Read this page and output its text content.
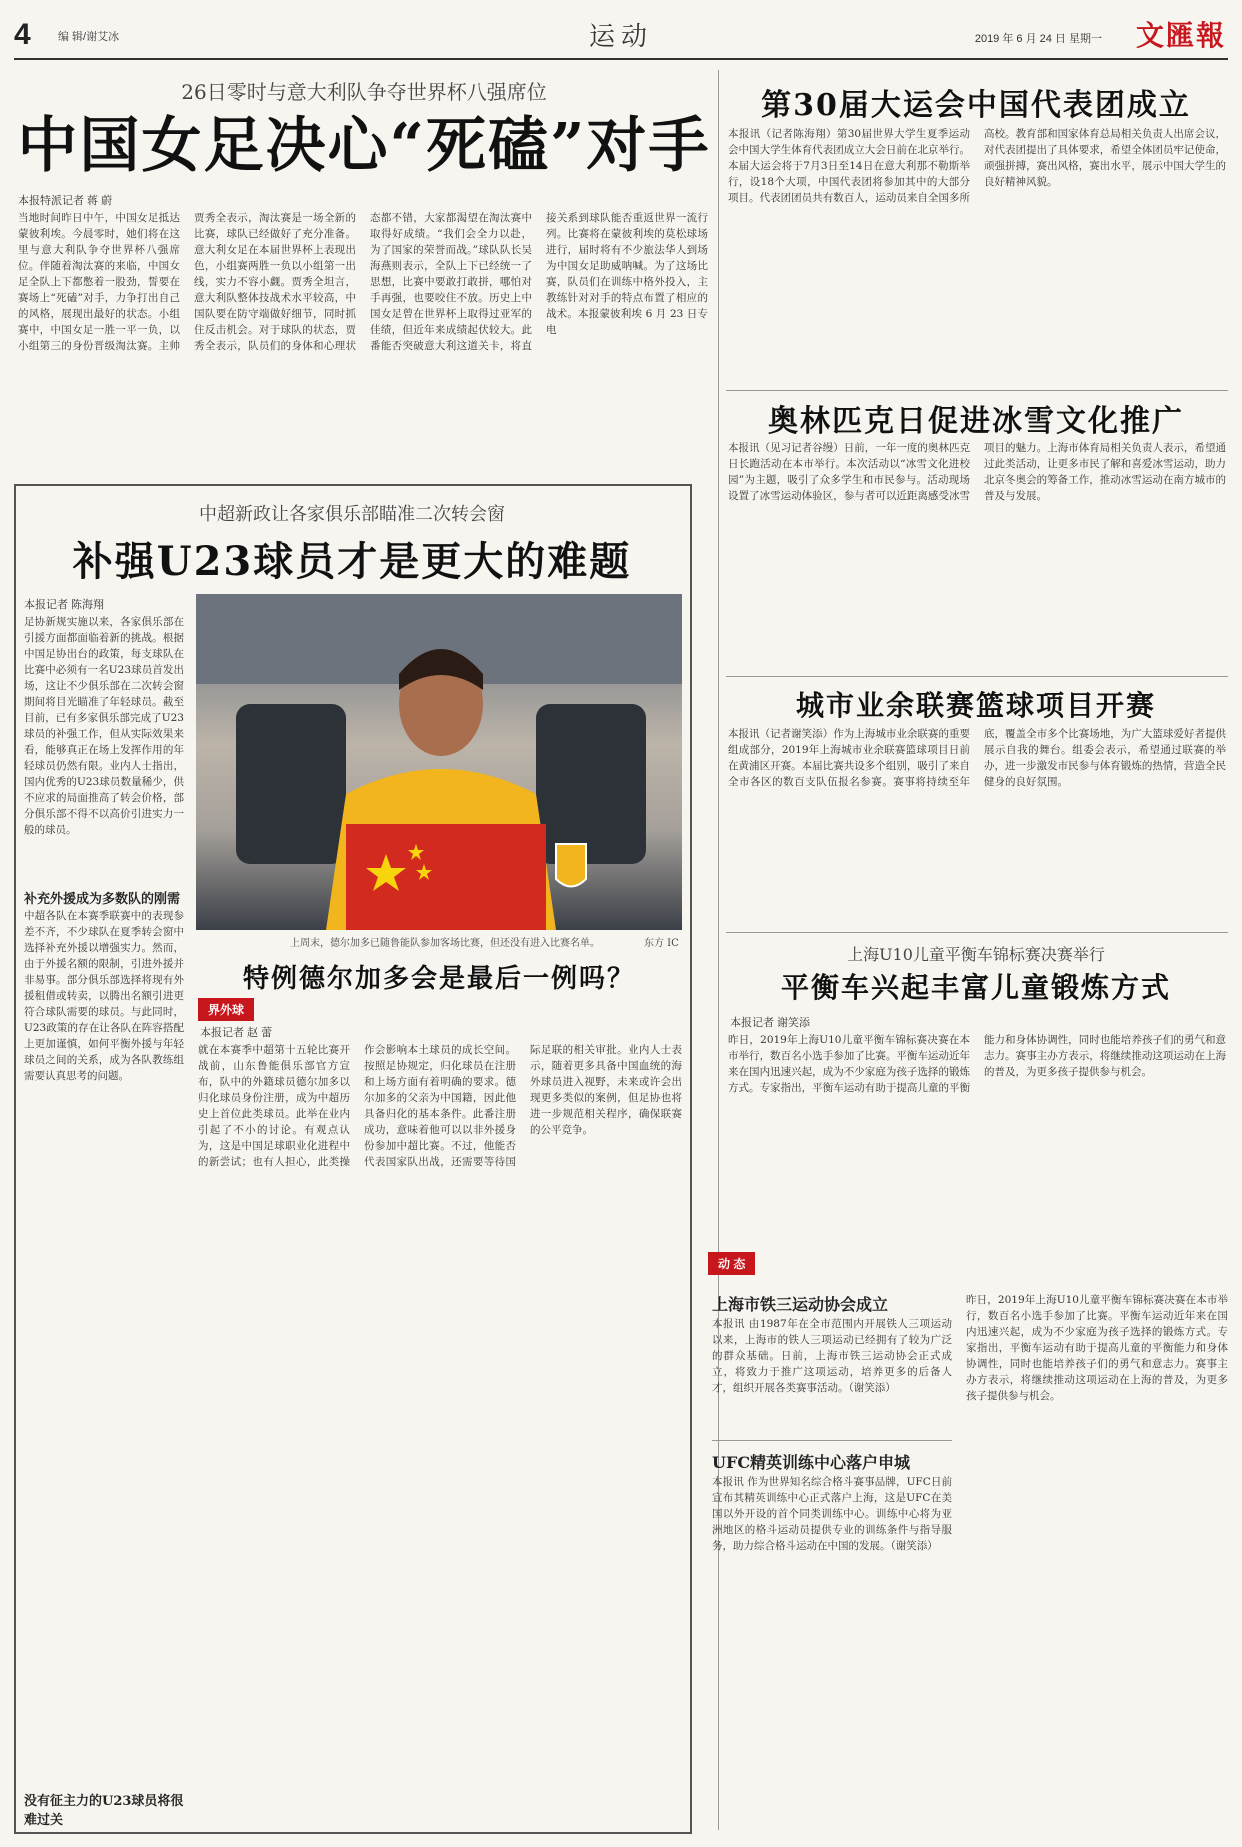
4 编 辑/谢艾冰	运动	2019 年 6 月 24 日 星期一 文匯報
26日零时与意大利队争夺世界杯八强席位
中国女足决心“死磕”对手
本报特派记者 蒋 蔚
当地时间昨日中午，中国女足抵达蒙彼利埃。今晨零时，她们将在这里与意大利队争夺世界杯八强席位。伴随着淘汰赛的来临，中国女足全队上下都憋着一股劲，誓要在赛场上“死磕”对手，力争打出自己的风格，展现出最好的状态。小组赛中，中国女足一胜一平一负，以小组第三的身份晋级淘汰赛。主帅贾秀全表示，淘汰赛是一场全新的比赛，球队已经做好了充分准备。意大利女足在本届世界杯上表现出色，小组赛两胜一负以小组第一出线，实力不容小觑。贾秀全坦言，意大利队整体技战术水平较高，中国队要在防守端做好细节，同时抓住反击机会。对于球队的状态，贾秀全表示，队员们的身体和心理状态都不错，大家都渴望在淘汰赛中取得好成绩。“我们会全力以赴，为了国家的荣誉而战。”球队队长吴海燕则表示，全队上下已经统一了思想，比赛中要敢打敢拼，哪怕对手再强，也要咬住不放。历史上中国女足曾在世界杯上取得过亚军的佳绩，但近年来成绩起伏较大。此番能否突破意大利这道关卡，将直接关系到球队能否重返世界一流行列。比赛将在蒙彼利埃的莫松球场进行，届时将有不少旅法华人到场为中国女足助威呐喊。为了这场比赛，队员们在训练中格外投入，主教练针对对手的特点布置了相应的战术。本报蒙彼利埃 6 月 23 日专电
第30届大运会中国代表团成立
本报讯（记者陈海翔）第30届世界大学生夏季运动会中国大学生体育代表团成立大会日前在北京举行。本届大运会将于7月3日至14日在意大利那不勒斯举行，设18个大项，中国代表团将参加其中的大部分项目。代表团团员共有数百人，运动员来自全国多所高校。教育部和国家体育总局相关负责人出席会议，对代表团提出了具体要求，希望全体团员牢记使命，顽强拼搏，赛出风格，赛出水平，展示中国大学生的良好精神风貌。
奥林匹克日促进冰雪文化推广
本报讯（见习记者谷缦）日前，一年一度的奥林匹克日长跑活动在本市举行。本次活动以“冰雪文化进校园”为主题，吸引了众多学生和市民参与。活动现场设置了冰雪运动体验区，参与者可以近距离感受冰雪项目的魅力。上海市体育局相关负责人表示，希望通过此类活动，让更多市民了解和喜爱冰雪运动，助力北京冬奥会的筹备工作，推动冰雪运动在南方城市的普及与发展。
城市业余联赛篮球项目开赛
本报讯（记者谢笑添）作为上海城市业余联赛的重要组成部分，2019年上海城市业余联赛篮球项目日前在黄浦区开赛。本届比赛共设多个组别，吸引了来自全市各区的数百支队伍报名参赛。赛事将持续至年底，覆盖全市多个比赛场地，为广大篮球爱好者提供展示自我的舞台。组委会表示，希望通过联赛的举办，进一步激发市民参与体育锻炼的热情，营造全民健身的良好氛围。
上海U10儿童平衡车锦标赛决赛举行
平衡车兴起丰富儿童锻炼方式
本报记者 谢笑添
昨日，2019年上海U10儿童平衡车锦标赛决赛在本市举行，数百名小选手参加了比赛。平衡车运动近年来在国内迅速兴起，成为不少家庭为孩子选择的锻炼方式。专家指出，平衡车运动有助于提高儿童的平衡能力和身体协调性，同时也能培养孩子们的勇气和意志力。赛事主办方表示，将继续推动这项运动在上海的普及，为更多孩子提供参与机会。
动 态
上海市铁三运动协会成立
本报讯 由1987年在全市范围内开展铁人三项运动以来，上海市的铁人三项运动已经拥有了较为广泛的群众基础。日前，上海市铁三运动协会正式成立，将致力于推广这项运动，培养更多的后备人才，组织开展各类赛事活动。（谢笑添）
UFC精英训练中心落户申城
本报讯 作为世界知名综合格斗赛事品牌，UFC日前宣布其精英训练中心正式落户上海，这是UFC在美国以外开设的首个同类训练中心。训练中心将为亚洲地区的格斗运动员提供专业的训练条件与指导服务，助力综合格斗运动在中国的发展。（谢笑添）
昨日，2019年上海U10儿童平衡车锦标赛决赛在本市举行，数百名小选手参加了比赛。平衡车运动近年来在国内迅速兴起，成为不少家庭为孩子选择的锻炼方式。专家指出，平衡车运动有助于提高儿童的平衡能力和身体协调性，同时也能培养孩子们的勇气和意志力。赛事主办方表示，将继续推动这项运动在上海的普及，为更多孩子提供参与机会。
中超新政让各家俱乐部瞄准二次转会窗
补强U23球员才是更大的难题
本报记者 陈海翔
足协新规实施以来，各家俱乐部在引援方面都面临着新的挑战。根据中国足协出台的政策，每支球队在比赛中必须有一名U23球员首发出场，这让不少俱乐部在二次转会窗期间将目光瞄准了年轻球员。截至目前，已有多家俱乐部完成了U23球员的补强工作，但从实际效果来看，能够真正在场上发挥作用的年轻球员仍然有限。业内人士指出，国内优秀的U23球员数量稀少，供不应求的局面推高了转会价格，部分俱乐部不得不以高价引进实力一般的球员。
补充外援成为多数队的刚需
中超各队在本赛季联赛中的表现参差不齐，不少球队在夏季转会窗中选择补充外援以增强实力。然而，由于外援名额的限制，引进外援并非易事。部分俱乐部选择将现有外援租借或转卖，以腾出名额引进更符合球队需要的球员。与此同时，U23政策的存在让各队在阵容搭配上更加谨慎，如何平衡外援与年轻球员之间的关系，成为各队教练组需要认真思考的问题。
没有征主力的U23球员将很难过关
上周末，德尔加多已随鲁能队参加客场比赛，但还没有进入比赛名单。	东方 IC
特例德尔加多会是最后一例吗？
界外球
本报记者 赵 蕾
就在本赛季中超第十五轮比赛开战前，山东鲁能俱乐部官方宣布，队中的外籍球员德尔加多以归化球员身份注册，成为中超历史上首位此类球员。此举在业内引起了不小的讨论。有观点认为，这是中国足球职业化进程中的新尝试；也有人担心，此类操作会影响本土球员的成长空间。按照足协规定，归化球员在注册和上场方面有着明确的要求。德尔加多的父亲为中国籍，因此他具备归化的基本条件。此番注册成功，意味着他可以以非外援身份参加中超比赛。不过，他能否代表国家队出战，还需要等待国际足联的相关审批。业内人士表示，随着更多具备中国血统的海外球员进入视野，未来或许会出现更多类似的案例，但足协也将进一步规范相关程序，确保联赛的公平竞争。
